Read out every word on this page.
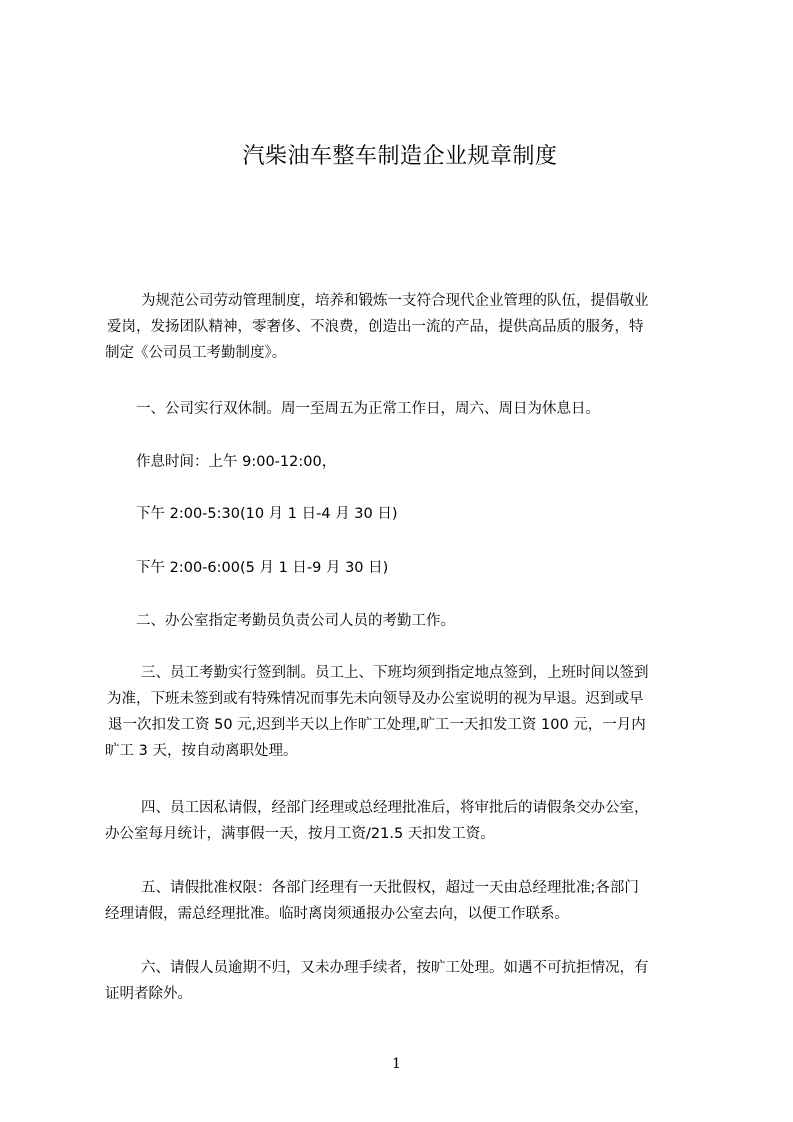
汽柴油车整车制造企业规章制度
为规范公司劳动管理制度，培养和锻炼一支符合现代企业管理的队伍，提倡敬业
爱岗，发扬团队精神，零奢侈、不浪费，创造出一流的产品，提供高品质的服务，特
制定《公司员工考勤制度》。
一、公司实行双休制。周一至周五为正常工作日，周六、周日为休息日。
作息时间：上午 9:00-12:00，
下午 2:00-5:30(10 月 1 日-4 月 30 日)
下午 2:00-6:00(5 月 1 日-9 月 30 日)
二、办公室指定考勤员负责公司人员的考勤工作。
三、员工考勤实行签到制。员工上、下班均须到指定地点签到，上班时间以签到
为准，下班未签到或有特殊情况而事先未向领导及办公室说明的视为早退。迟到或早
退一次扣发工资 50 元,迟到半天以上作旷工处理,旷工一天扣发工资 100 元，一月内
旷工 3 天，按自动离职处理。
四、员工因私请假，经部门经理或总经理批准后，将审批后的请假条交办公室，
办公室每月统计，满事假一天，按月工资/21.5 天扣发工资。
五、请假批准权限：各部门经理有一天批假权，超过一天由总经理批准;各部门
经理请假，需总经理批准。临时离岗须通报办公室去向，以便工作联系。
六、请假人员逾期不归，又未办理手续者，按旷工处理。如遇不可抗拒情况，有
证明者除外。
1
